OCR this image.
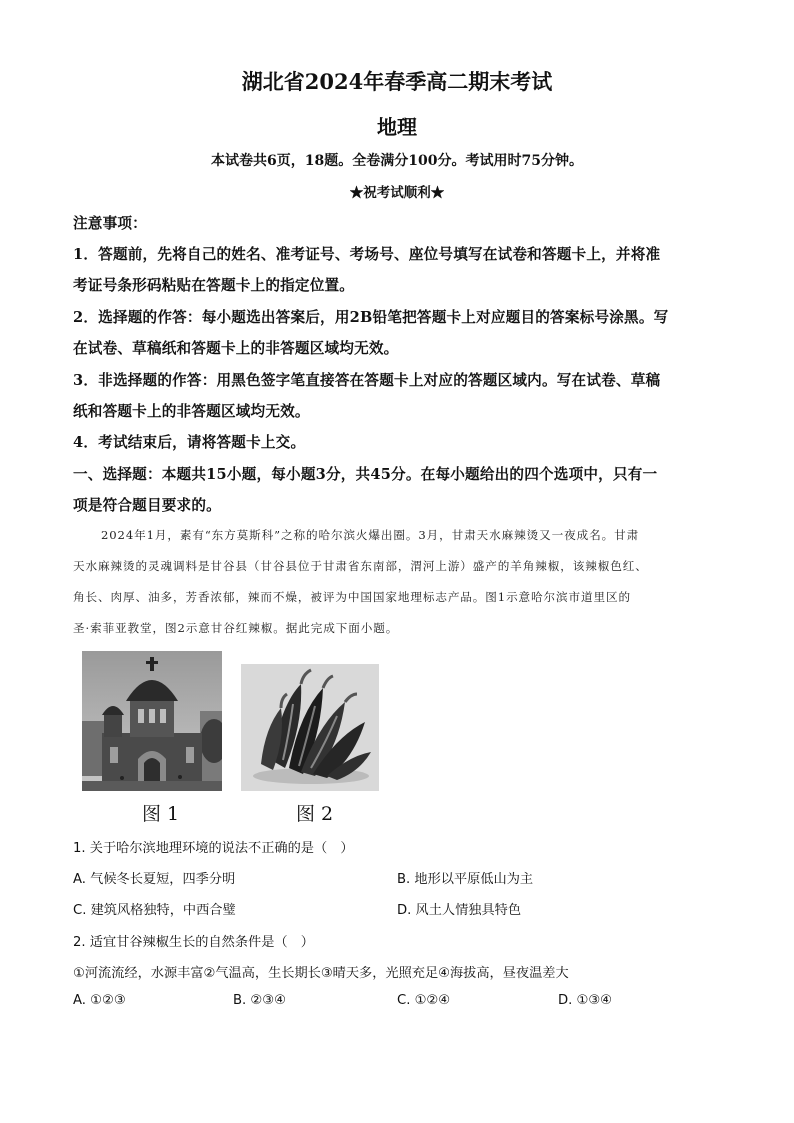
湖北省2024年春季高二期末考试
地理
本试卷共6页，18题。全卷满分100分。考试用时75分钟。
★祝考试顺利★
注意事项：
1．答题前，先将自己的姓名、准考证号、考场号、座位号填写在试卷和答题卡上，并将准
考证号条形码粘贴在答题卡上的指定位置。
2．选择题的作答：每小题选出答案后，用2B铅笔把答题卡上对应题目的答案标号涂黑。写
在试卷、草稿纸和答题卡上的非答题区域均无效。
3．非选择题的作答：用黑色签字笔直接答在答题卡上对应的答题区域内。写在试卷、草稿
纸和答题卡上的非答题区域均无效。
4．考试结束后，请将答题卡上交。
一、选择题：本题共15小题，每小题3分，共45分。在每小题给出的四个选项中，只有一
项是符合题目要求的。
2024年1月，素有“东方莫斯科”之称的哈尔滨火爆出圈。3月，甘肃天水麻辣烫又一夜成名。甘肃
天水麻辣烫的灵魂调料是甘谷县（甘谷县位于甘肃省东南部，渭河上游）盛产的羊角辣椒，该辣椒色红、
角长、肉厚、油多，芳香浓郁，辣而不燥，被评为中国国家地理标志产品。图1示意哈尔滨市道里区的
圣·索菲亚教堂，图2示意甘谷红辣椒。据此完成下面小题。
图 1	图 2
1. 关于哈尔滨地理环境的说法不正确的是（　）
A. 气候冬长夏短，四季分明	B. 地形以平原低山为主
C. 建筑风格独特，中西合璧	D. 风土人情独具特色
2. 适宜甘谷辣椒生长的自然条件是（　）
①河流流经，水源丰富②气温高，生长期长③晴天多，光照充足④海拔高，昼夜温差大
A. ①②③	B. ②③④	C. ①②④	D. ①③④
